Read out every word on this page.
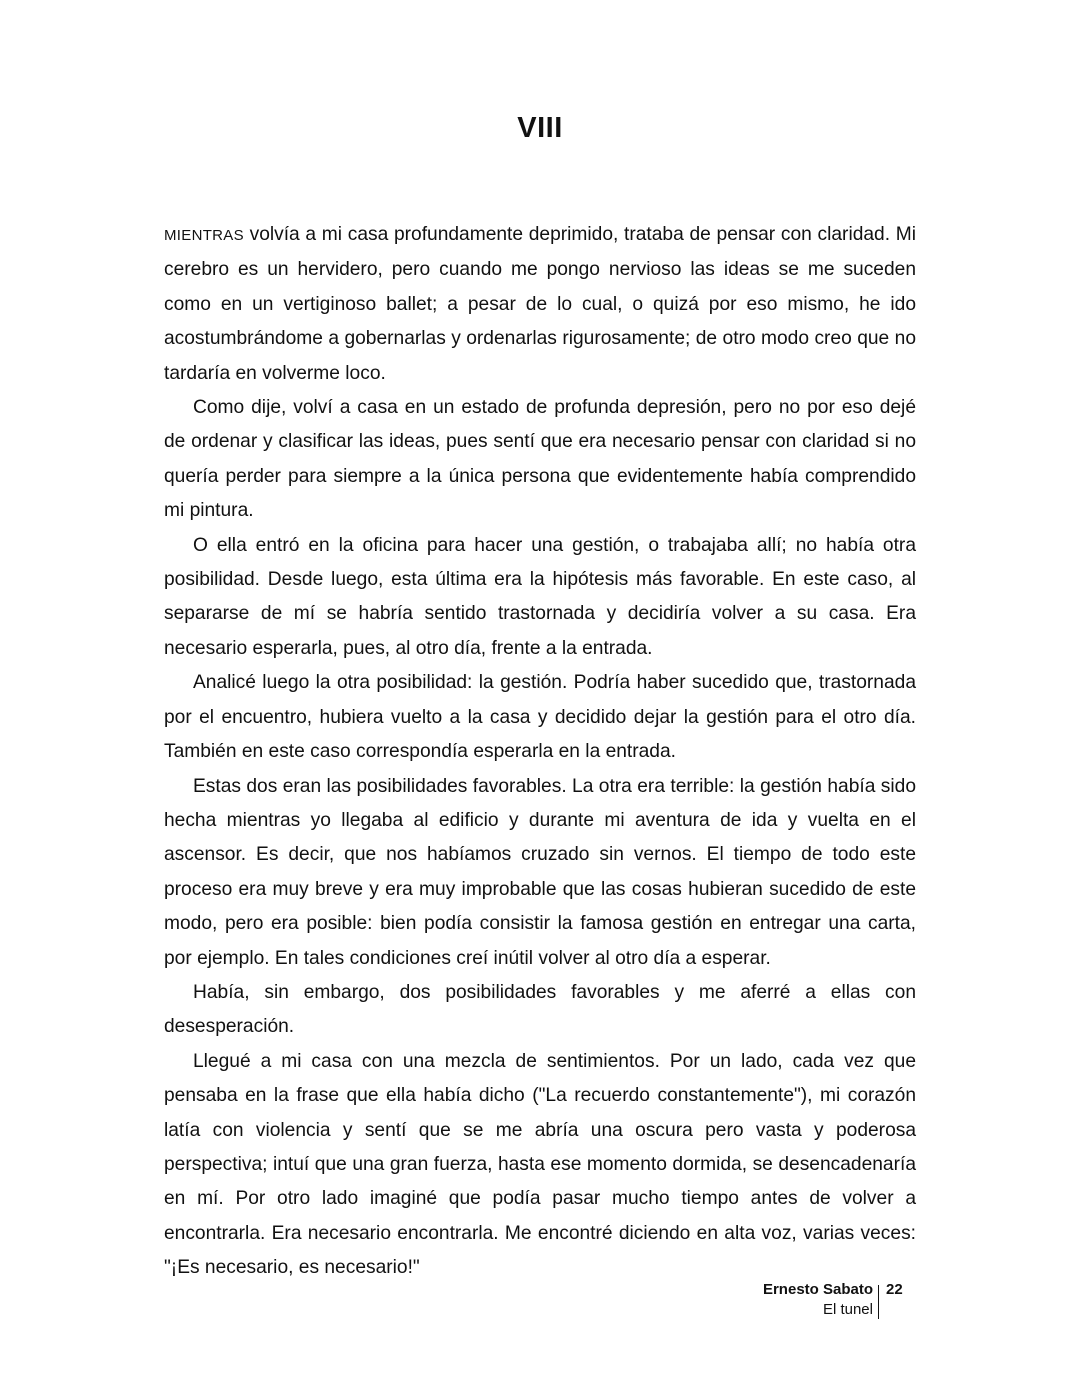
VIII

MIENTRAS volvía a mi casa profundamente deprimido, trataba de pensar con claridad. Mi cerebro es un hervidero, pero cuando me pongo nervioso las ideas se me suceden como en un vertiginoso ballet; a pesar de lo cual, o quizá por eso mismo, he ido acostumbrándome a gobernarlas y ordenarlas rigurosamente; de otro modo creo que no tardaría en volverme loco.

Como dije, volví a casa en un estado de profunda depresión, pero no por eso dejé de ordenar y clasificar las ideas, pues sentí que era necesario pensar con claridad si no quería perder para siempre a la única persona que evidentemente había comprendido mi pintura.

O ella entró en la oficina para hacer una gestión, o trabajaba allí; no había otra posibilidad. Desde luego, esta última era la hipótesis más favorable. En este caso, al separarse de mí se habría sentido trastornada y decidiría volver a su casa. Era necesario esperarla, pues, al otro día, frente a la entrada.

Analicé luego la otra posibilidad: la gestión. Podría haber sucedido que, trastornada por el encuentro, hubiera vuelto a la casa y decidido dejar la gestión para el otro día. También en este caso correspondía esperarla en la entrada.

Estas dos eran las posibilidades favorables. La otra era terrible: la gestión había sido hecha mientras yo llegaba al edificio y durante mi aventura de ida y vuelta en el ascensor. Es decir, que nos habíamos cruzado sin vernos. El tiempo de todo este proceso era muy breve y era muy improbable que las cosas hubieran sucedido de este modo, pero era posible: bien podía consistir la famosa gestión en entregar una carta, por ejemplo. En tales condiciones creí inútil volver al otro día a esperar.

Había, sin embargo, dos posibilidades favorables y me aferré a ellas con desesperación.

Llegué a mi casa con una mezcla de sentimientos. Por un lado, cada vez que pensaba en la frase que ella había dicho ("La recuerdo constantemente"), mi corazón latía con violencia y sentí que se me abría una oscura pero vasta y poderosa perspectiva; intuí que una gran fuerza, hasta ese momento dormida, se desencadenaría en mí. Por otro lado imaginé que podía pasar mucho tiempo antes de volver a encontrarla. Era necesario encontrarla. Me encontré diciendo en alta voz, varias veces: "¡Es necesario, es necesario!"

Ernesto Sabato
El tunel
22
